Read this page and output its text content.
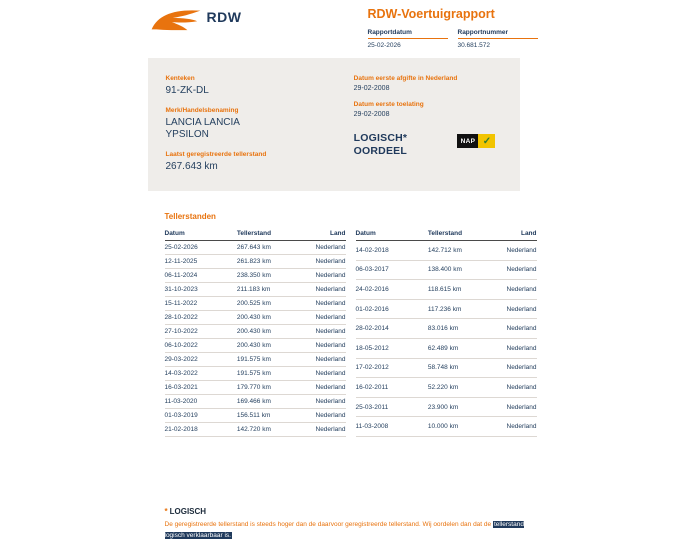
RDW	RDW-Voertuigrapport
Rapportdatum
25-02-2026
Rapportnummer
30.681.572
Kenteken
91-ZK-DL
Merk/Handelsbenaming
LANCIA LANCIA YPSILON
Laatst geregistreerde tellerstand
267.643 km
Datum eerste afgifte in Nederland
29-02-2008
Datum eerste toelating
29-02-2008
LOGISCH*
OORDEEL
NAP ✓
Tellerstanden
Datum	Tellerstand	Land
25-02-2026	267.643 km	Nederland
12-11-2025	261.823 km	Nederland
06-11-2024	238.350 km	Nederland
31-10-2023	211.183 km	Nederland
15-11-2022	200.525 km	Nederland
28-10-2022	200.430 km	Nederland
27-10-2022	200.430 km	Nederland
06-10-2022	200.430 km	Nederland
29-03-2022	191.575 km	Nederland
14-03-2022	191.575 km	Nederland
16-03-2021	179.770 km	Nederland
11-03-2020	169.466 km	Nederland
01-03-2019	156.511 km	Nederland
21-02-2018	142.720 km	Nederland
Datum	Tellerstand	Land
14-02-2018	142.712 km	Nederland
06-03-2017	138.400 km	Nederland
24-02-2016	118.615 km	Nederland
01-02-2016	117.236 km	Nederland
28-02-2014	83.016 km	Nederland
18-05-2012	62.489 km	Nederland
17-02-2012	58.748 km	Nederland
16-02-2011	52.220 km	Nederland
25-03-2011	23.900 km	Nederland
11-03-2008	10.000 km	Nederland
* LOGISCH

De geregistreerde tellerstand is steeds hoger dan de daarvoor geregistreerde tellerstand. Wij oordelen dan dat de tellerstand logisch verklaarbaar is.
